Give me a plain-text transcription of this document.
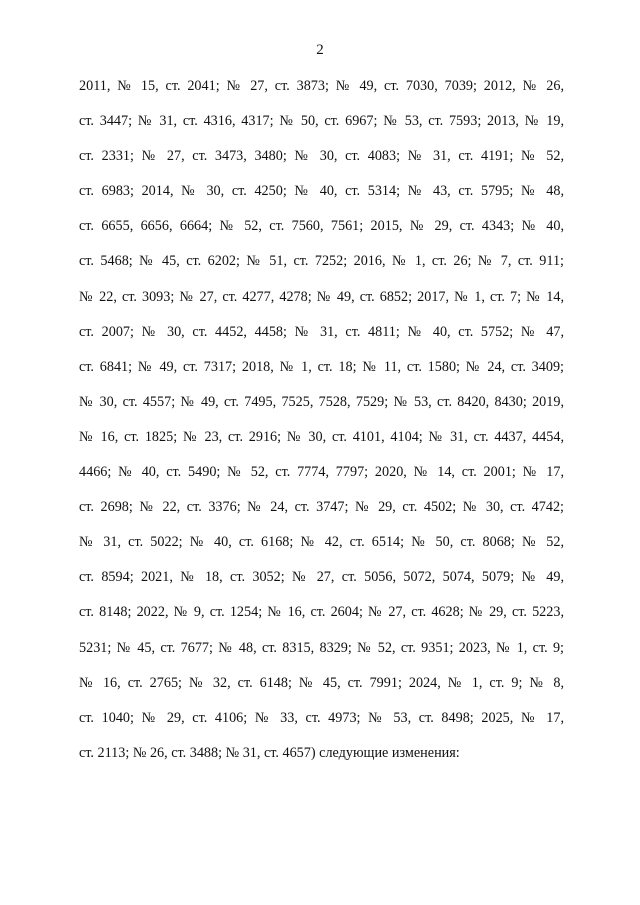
2
2011, № 15, ст. 2041; № 27, ст. 3873; № 49, ст. 7030, 7039; 2012, № 26,
ст. 3447; № 31, ст. 4316, 4317; № 50, ст. 6967; № 53, ст. 7593; 2013, № 19,
ст. 2331; № 27, ст. 3473, 3480; № 30, ст. 4083; № 31, ст. 4191; № 52,
ст. 6983; 2014, № 30, ст. 4250; № 40, ст. 5314; № 43, ст. 5795; № 48,
ст. 6655, 6656, 6664; № 52, ст. 7560, 7561; 2015, № 29, ст. 4343; № 40,
ст. 5468; № 45, ст. 6202; № 51, ст. 7252; 2016, № 1, ст. 26; № 7, ст. 911;
№ 22, ст. 3093; № 27, ст. 4277, 4278; № 49, ст. 6852; 2017, № 1, ст. 7; № 14,
ст. 2007; № 30, ст. 4452, 4458; № 31, ст. 4811; № 40, ст. 5752; № 47,
ст. 6841; № 49, ст. 7317; 2018, № 1, ст. 18; № 11, ст. 1580; № 24, ст. 3409;
№ 30, ст. 4557; № 49, ст. 7495, 7525, 7528, 7529; № 53, ст. 8420, 8430; 2019,
№ 16, ст. 1825; № 23, ст. 2916; № 30, ст. 4101, 4104; № 31, ст. 4437, 4454,
4466; № 40, ст. 5490; № 52, ст. 7774, 7797; 2020, № 14, ст. 2001; № 17,
ст. 2698; № 22, ст. 3376; № 24, ст. 3747; № 29, ст. 4502; № 30, ст. 4742;
№ 31, ст. 5022; № 40, ст. 6168; № 42, ст. 6514; № 50, ст. 8068; № 52,
ст. 8594; 2021, № 18, ст. 3052; № 27, ст. 5056, 5072, 5074, 5079; № 49,
ст. 8148; 2022, № 9, ст. 1254; № 16, ст. 2604; № 27, ст. 4628; № 29, ст. 5223,
5231; № 45, ст. 7677; № 48, ст. 8315, 8329; № 52, ст. 9351; 2023, № 1, ст. 9;
№ 16, ст. 2765; № 32, ст. 6148; № 45, ст. 7991; 2024, № 1, ст. 9; № 8,
ст. 1040; № 29, ст. 4106; № 33, ст. 4973; № 53, ст. 8498; 2025, № 17,
ст. 2113; № 26, ст. 3488; № 31, ст. 4657) следующие изменения:
